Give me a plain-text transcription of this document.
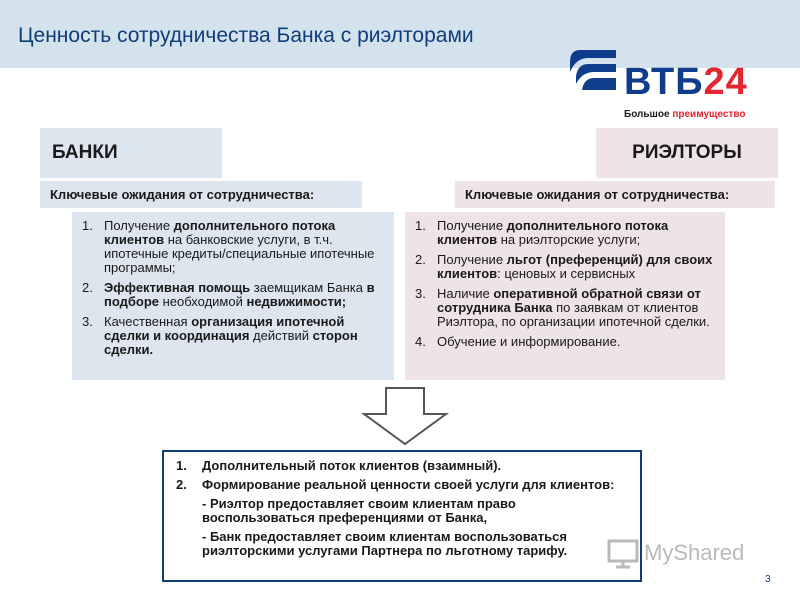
Ценность сотрудничества Банка с риэлторами
ВТБ24
Большое преимущество
БАНКИ	РИЭЛТОРЫ
Ключевые ожидания от сотрудничества:	Ключевые ожидания от сотрудничества:
1. Получение дополнительного потока клиентов на банковские услуги, в т.ч. ипотечные кредиты/специальные ипотечные программы;
2. Эффективная помощь заемщикам Банка в подборе необходимой недвижимости;
3. Качественная организация ипотечной сделки и координация действий сторон сделки.
1. Получение дополнительного потока клиентов на риэлторские услуги;
2. Получение льгот (преференций) для своих клиентов: ценовых и сервисных
3. Наличие оперативной обратной связи от сотрудника Банка по заявкам от клиентов Риэлтора, по организации ипотечной сделки.
4. Обучение и информирование.
1.	Дополнительный поток клиентов (взаимный).
2.	Формирование реальной ценности своей услуги для клиентов:
- Риэлтор предоставляет своим клиентам право воспользоваться преференциями от Банка,
- Банк предоставляет своим клиентам воспользоваться риэлторскими услугами Партнера по льготному тарифу.	MyShared
3
